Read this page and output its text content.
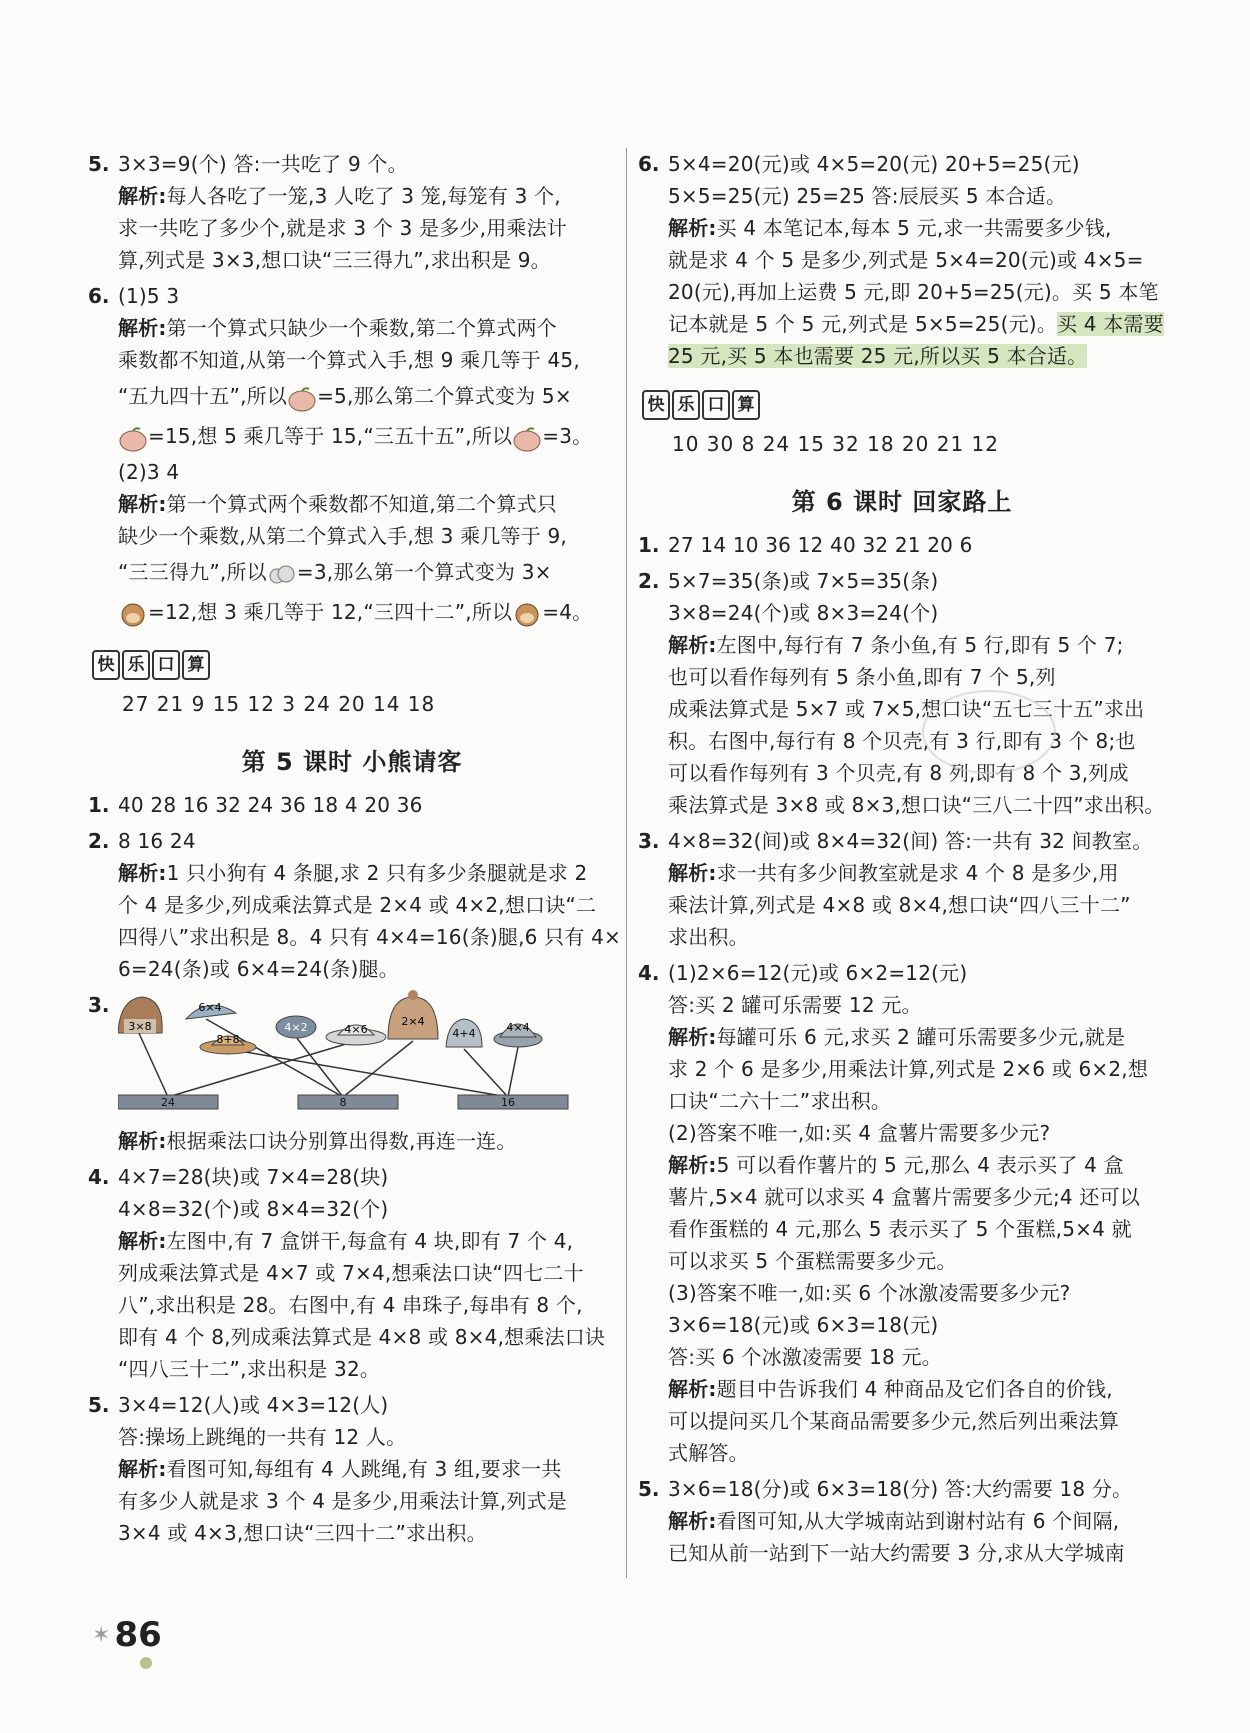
5. 3×3=9(个) 答:一共吃了 9 个。
解析:每人各吃了一笼,3 人吃了 3 笼,每笼有 3 个,
求一共吃了多少个,就是求 3 个 3 是多少,用乘法计
算,列式是 3×3,想口诀“三三得九”,求出积是 9。
6. (1)5 3
解析:第一个算式只缺少一个乘数,第二个算式两个
乘数都不知道,从第一个算式入手,想 9 乘几等于 45,
“五九四十五”,所以 =5,那么第二个算式变为 5×
=15,想 5 乘几等于 15,“三五十五”,所以 =3。
(2)3 4
解析:第一个算式两个乘数都不知道,第二个算式只
缺少一个乘数,从第二个算式入手,想 3 乘几等于 9,
“三三得九”,所以 =3,那么第一个算式变为 3×
=12,想 3 乘几等于 12,“三四十二”,所以 =4。
快 乐 口 算
27 21 9 15 12 3 24 20 14 18
第 5 课时 小熊请客
1. 40 28 16 32 24 36 18 4 20 36
2. 8 16 24
解析:1 只小狗有 4 条腿,求 2 只有多少条腿就是求 2
个 4 是多少,列成乘法算式是 2×4 或 4×2,想口诀“二
四得八”求出积是 8。4 只有 4×4=16(条)腿,6 只有 4×
6=24(条)或 6×4=24(条)腿。
3.
3×8
6×4
8+8
4×2	4×6
2×4
4+4	4×4
24	8	16
解析:根据乘法口诀分别算出得数,再连一连。
4. 4×7=28(块)或 7×4=28(块)
4×8=32(个)或 8×4=32(个)
解析:左图中,有 7 盒饼干,每盒有 4 块,即有 7 个 4,
列成乘法算式是 4×7 或 7×4,想乘法口诀“四七二十
八”,求出积是 28。右图中,有 4 串珠子,每串有 8 个,
即有 4 个 8,列成乘法算式是 4×8 或 8×4,想乘法口诀
“四八三十二”,求出积是 32。
5. 3×4=12(人)或 4×3=12(人)
答:操场上跳绳的一共有 12 人。
解析:看图可知,每组有 4 人跳绳,有 3 组,要求一共
有多少人就是求 3 个 4 是多少,用乘法计算,列式是
3×4 或 4×3,想口诀“三四十二”求出积。
6. 5×4=20(元)或 4×5=20(元) 20+5=25(元)
5×5=25(元) 25=25 答:辰辰买 5 本合适。
解析:买 4 本笔记本,每本 5 元,求一共需要多少钱,
就是求 4 个 5 是多少,列式是 5×4=20(元)或 4×5=
20(元),再加上运费 5 元,即 20+5=25(元)。买 5 本笔
记本就是 5 个 5 元,列式是 5×5=25(元)。买 4 本需要
25 元,买 5 本也需要 25 元,所以买 5 本合适。
快 乐 口 算
10 30 8 24 15 32 18 20 21 12
第 6 课时 回家路上
1. 27 14 10 36 12 40 32 21 20 6
2. 5×7=35(条)或 7×5=35(条)
3×8=24(个)或 8×3=24(个)
解析:左图中,每行有 7 条小鱼,有 5 行,即有 5 个 7;
也可以看作每列有 5 条小鱼,即有 7 个 5,列
成乘法算式是 5×7 或 7×5,想口诀“五七三十五”求出
积。右图中,每行有 8 个贝壳,有 3 行,即有 3 个 8;也
可以看作每列有 3 个贝壳,有 8 列,即有 8 个 3,列成
乘法算式是 3×8 或 8×3,想口诀“三八二十四”求出积。
3. 4×8=32(间)或 8×4=32(间) 答:一共有 32 间教室。
解析:求一共有多少间教室就是求 4 个 8 是多少,用
乘法计算,列式是 4×8 或 8×4,想口诀“四八三十二”
求出积。
4. (1)2×6=12(元)或 6×2=12(元)
答:买 2 罐可乐需要 12 元。
解析:每罐可乐 6 元,求买 2 罐可乐需要多少元,就是
求 2 个 6 是多少,用乘法计算,列式是 2×6 或 6×2,想
口诀“二六十二”求出积。
(2)答案不唯一,如:买 4 盒薯片需要多少元?
解析:5 可以看作薯片的 5 元,那么 4 表示买了 4 盒
薯片,5×4 就可以求买 4 盒薯片需要多少元;4 还可以
看作蛋糕的 4 元,那么 5 表示买了 5 个蛋糕,5×4 就
可以求买 5 个蛋糕需要多少元。
(3)答案不唯一,如:买 6 个冰激凌需要多少元?
3×6=18(元)或 6×3=18(元)
答:买 6 个冰激凌需要 18 元。
解析:题目中告诉我们 4 种商品及它们各自的价钱,
可以提问买几个某商品需要多少元,然后列出乘法算
式解答。
5. 3×6=18(分)或 6×3=18(分) 答:大约需要 18 分。
解析:看图可知,从大学城南站到谢村站有 6 个间隔,
已知从前一站到下一站大约需要 3 分,求从大学城南
✶ 86
